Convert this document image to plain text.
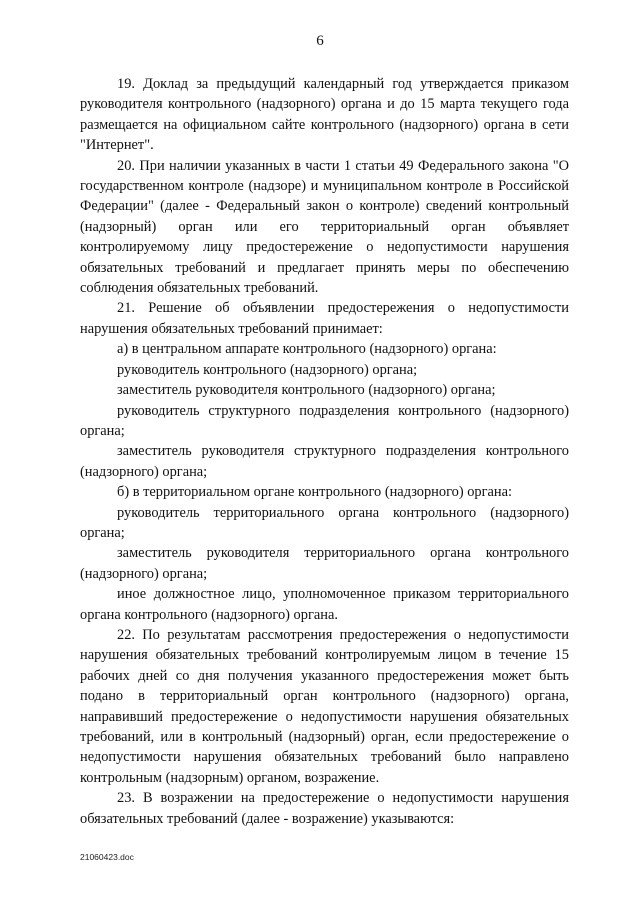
6

19. Доклад за предыдущий календарный год утверждается приказом руководителя контрольного (надзорного) органа и до 15 марта текущего года размещается на официальном сайте контрольного (надзорного) органа в сети "Интернет".

20. При наличии указанных в части 1 статьи 49 Федерального закона "О государственном контроле (надзоре) и муниципальном контроле в Российской Федерации" (далее - Федеральный закон о контроле) сведений контрольный (надзорный) орган или его территориальный орган объявляет контролируемому лицу предостережение о недопустимости нарушения обязательных требований и предлагает принять меры по обеспечению соблюдения обязательных требований.

21. Решение об объявлении предостережения о недопустимости нарушения обязательных требований принимает:

а) в центральном аппарате контрольного (надзорного) органа:

руководитель контрольного (надзорного) органа;

заместитель руководителя контрольного (надзорного) органа;

руководитель структурного подразделения контрольного (надзорного) органа;

заместитель руководителя структурного подразделения контрольного (надзорного) органа;

б) в территориальном органе контрольного (надзорного) органа:

руководитель территориального органа контрольного (надзорного) органа;

заместитель руководителя территориального органа контрольного (надзорного) органа;

иное должностное лицо, уполномоченное приказом территориального органа контрольного (надзорного) органа.

22. По результатам рассмотрения предостережения о недопустимости нарушения обязательных требований контролируемым лицом в течение 15 рабочих дней со дня получения указанного предостережения может быть подано в территориальный орган контрольного (надзорного) органа, направивший предостережение о недопустимости нарушения обязательных требований, или в контрольный (надзорный) орган, если предостережение о недопустимости нарушения обязательных требований было направлено контрольным (надзорным) органом, возражение.

23. В возражении на предостережение о недопустимости нарушения обязательных требований (далее - возражение) указываются:

21060423.doc
